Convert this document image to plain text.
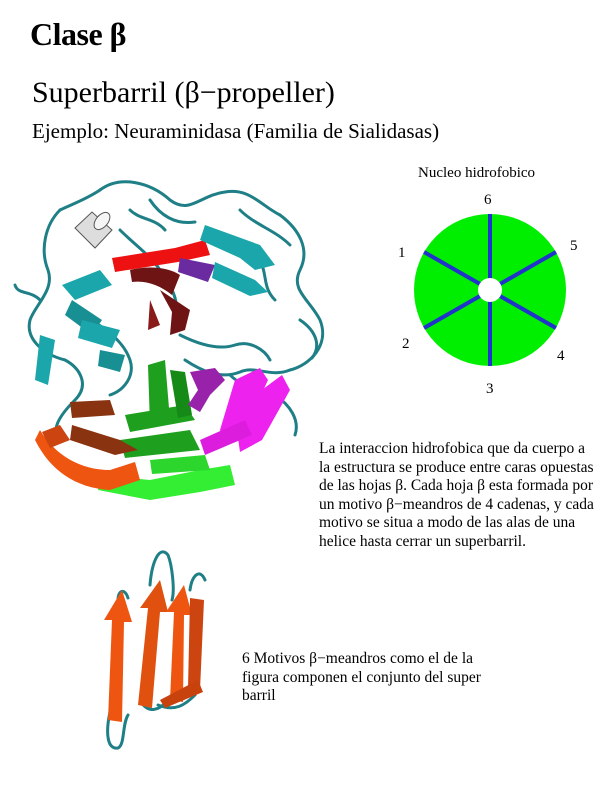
Clase β
Superbarril (β−propeller)
Ejemplo: Neuraminidasa (Familia de Sialidasas)
Nucleo hidrofobico
6
5
4
3
2
1
La interaccion hidrofobica que da cuerpo a la estructura se produce entre caras opuestas de las hojas β. Cada hoja β esta formada por un motivo β−meandros de 4 cadenas, y cada motivo se situa a modo de las alas de una helice hasta cerrar un superbarril.
6 Motivos β−meandros como el de la figura componen el conjunto del super barril
